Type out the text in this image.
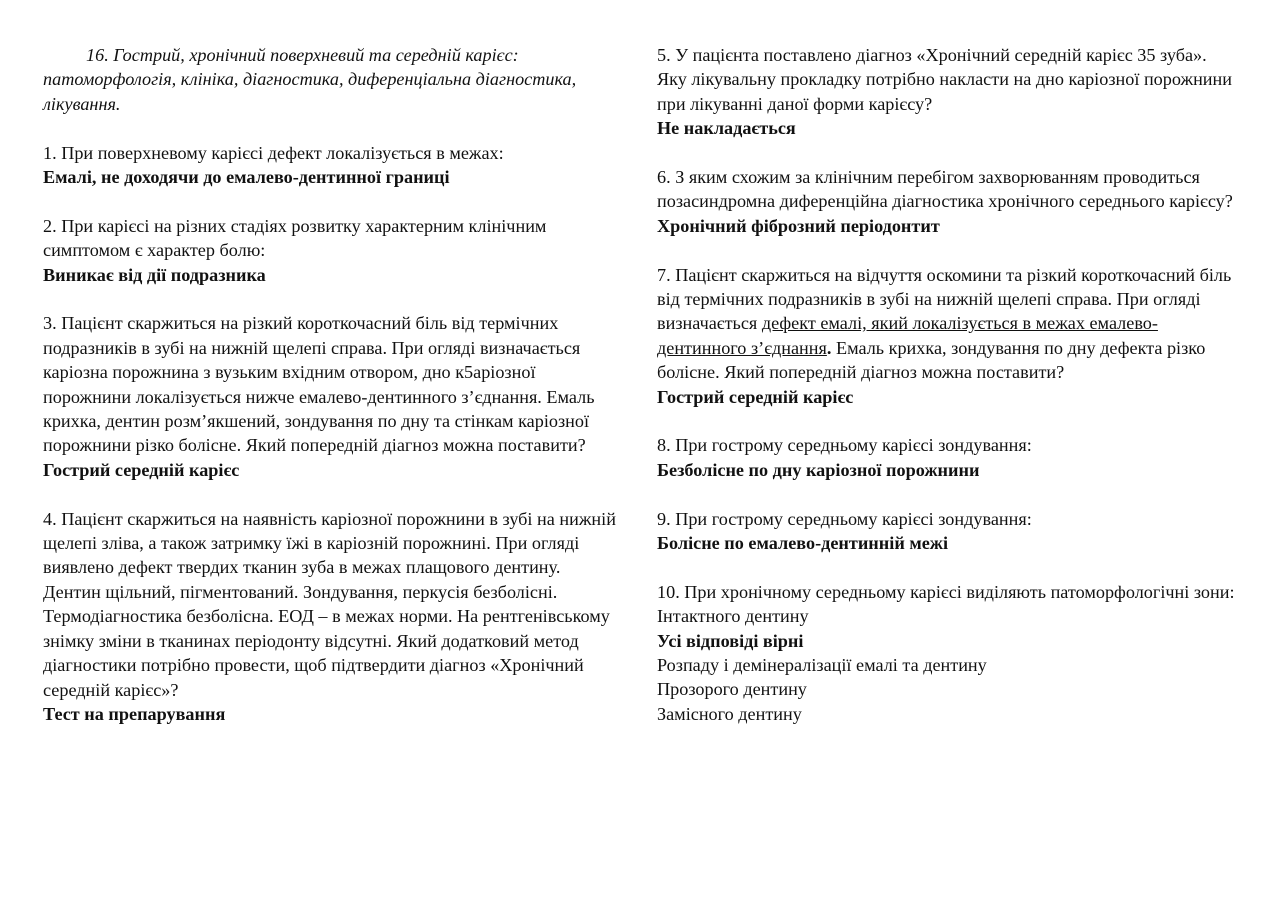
16. Гострий, хронічний поверхневий та середній карієс: патоморфологія, клініка, діагностика, диференціальна діагностика, лікування.

1. При поверхневому карієсі дефект локалізується в межах:
Емалі, не доходячи до емалево-дентинної границі
2. При карієсі на різних стадіях розвитку характерним клінічним симптомом є характер болю:
Виникає від дії подразника
3. Пацієнт скаржиться на різкий короткочасний біль від термічних подразників в зубі на нижній щелепі справа. При огляді визначається каріозна порожнина з вузьким вхідним отвором, дно к5аріозної порожнини локалізується нижче емалево-дентинного з’єднання. Емаль крихка, дентин розм’якшений, зондування по дну та стінкам каріозної порожнини різко болісне. Який попередній діагноз можна поставити?
Гострий середній карієс
4. Пацієнт скаржиться на наявність каріозної порожнини в зубі на нижній щелепі зліва, а також затримку їжі в каріозній порожнині. При огляді виявлено дефект твердих тканин зуба в межах плащового дентину. Дентин щільний, пігментований. Зондування, перкусія безболісні. Термодіагностика безболісна. ЕОД – в межах норми. На рентгенівському знімку зміни в тканинах періодонту відсутні. Який додатковий метод діагностики потрібно провести, щоб підтвердити діагноз «Хронічний середній карієс»?
Тест на препарування
5. У пацієнта поставлено діагноз «Хронічний середній карієс 35 зуба». Яку лікувальну прокладку потрібно накласти на дно каріозної порожнини при лікуванні даної форми карієсу?
Не накладається
6. З яким схожим за клінічним перебігом захворюванням проводиться позасиндромна диференційна діагностика хронічного середнього карієсу?
Хронічний фіброзний періодонтит
7. Пацієнт скаржиться на відчуття оскомини та різкий короткочасний біль від термічних подразників в зубі на нижній щелепі справа. При огляді визначається дефект емалі, який локалізується в межах емалево-дентинного з’єднання. Емаль крихка, зондування по дну дефекта різко болісне. Який попередній діагноз можна поставити?
Гострий середній карієс
8. При гострому середньому карієсі зондування:
Безболісне по дну каріозної порожнини
9. При гострому середньому карієсі зондування:
Болісне по емалево-дентинній межі
10. При хронічному середньому карієсі виділяють патоморфологічні зони:
Інтактного дентину
Усі відповіді вірні
Розпаду і демінералізації емалі та дентину
Прозорого дентину
Замісного дентину
